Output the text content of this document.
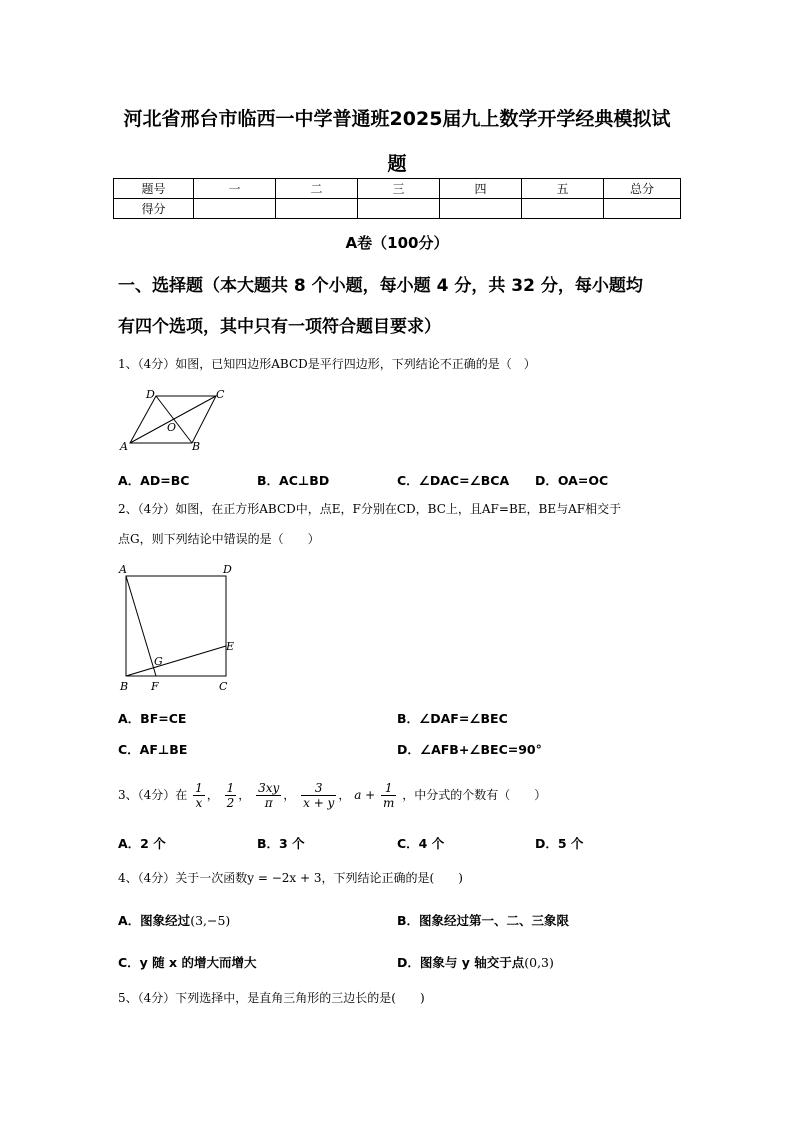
河北省邢台市临西一中学普通班2025届九上数学开学经典模拟试
题
题号	一	二	三	四	五	总分
得分						
A卷（100分）
一、选择题（本大题共 8 个小题，每小题 4 分，共 32 分，每小题均
有四个选项，其中只有一项符合题目要求）
1、（4分）如图，已知四边形ABCD是平行四边形，下列结论不正确的是（　）
A	B
C
D
O
A．AD=BC	B．AC⊥BD	C．∠DAC=∠BCA D．OA=OC
2、（4分）如图，在正方形ABCD中，点E，F分别在CD，BC上，且AF=BE，BE与AF相交于
点G，则下列结论中错误的是（　　）
A	D
E
G
B F	C
A．BF=CE	B．∠DAF=∠BEC
C．AF⊥BE	D．∠AFB+∠BEC=90°
3、（4分）在 $\frac{1}{x}$ ， $\frac{1}{2}$ ， $\frac{3xy}{\pi}$ ， $\frac{3}{x + y}$ ， $a + \frac{1}{m}$ ，中分式的个数有（　　）
A．2 个	B．3 个	C．4 个	D．5 个
4、（4分）关于一次函数y = −2x + 3，下列结论正确的是(　　)
A．图象经过(3,−5)	B．图象经过第一、二、三象限
C．y 随 x 的增大而增大	D．图象与 y 轴交于点(0,3)
5、（4分）下列选择中，是直角三角形的三边长的是(　　)
